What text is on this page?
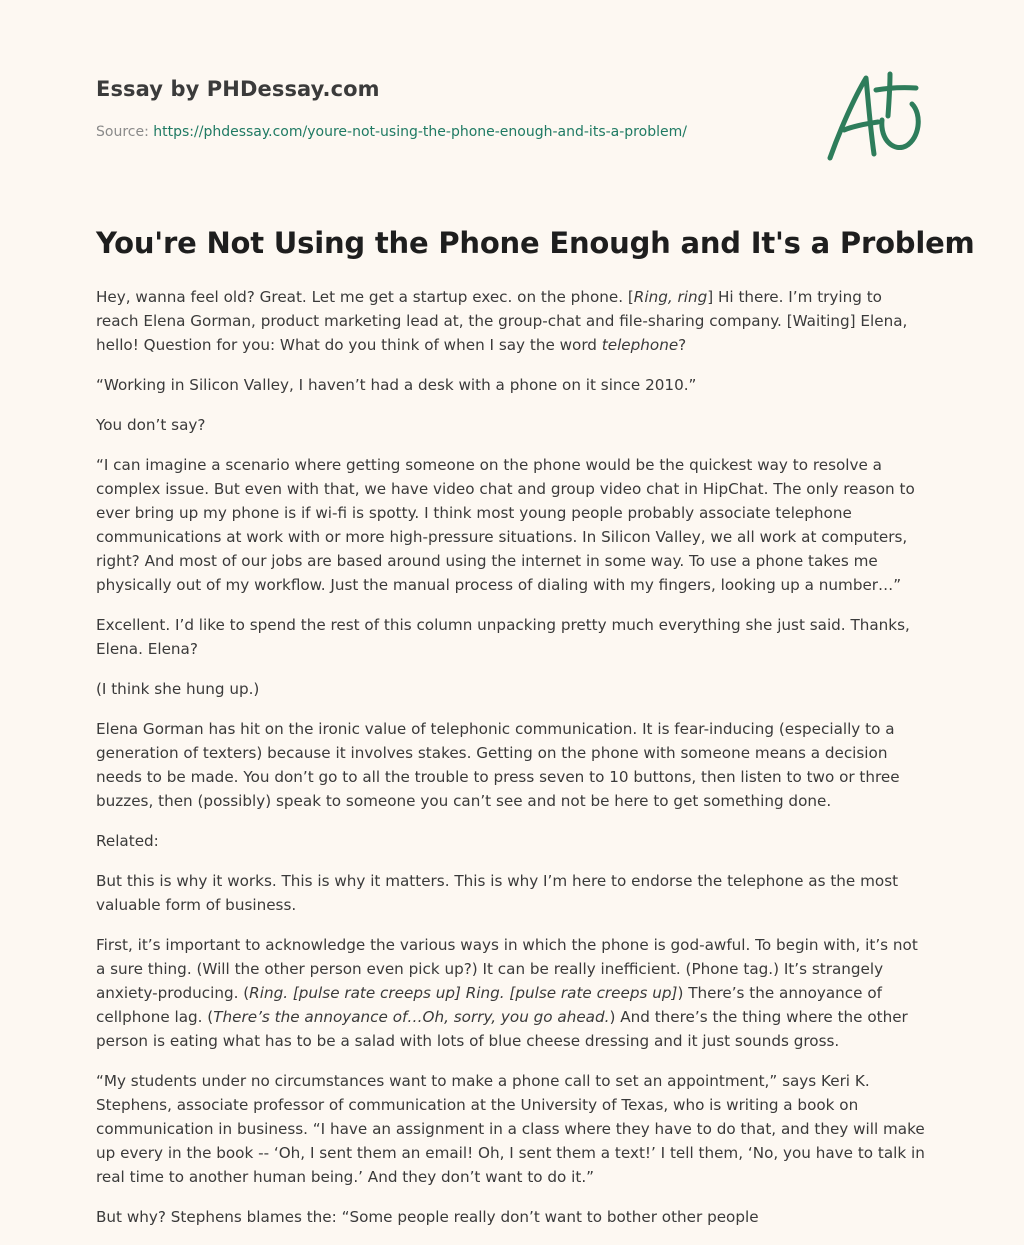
Essay by PHDessay.com
Source: https://phdessay.com/youre-not-using-the-phone-enough-and-its-a-problem/
You're Not Using the Phone Enough and It's a Problem

Hey, wanna feel old? Great. Let me get a startup exec. on the phone. [Ring, ring] Hi there. I’m trying to reach Elena Gorman, product marketing lead at, the group-chat and file-sharing company. [Waiting] Elena, hello! Question for you: What do you think of when I say the word telephone?

“Working in Silicon Valley, I haven’t had a desk with a phone on it since 2010.”

You don’t say?

“I can imagine a scenario where getting someone on the phone would be the quickest way to resolve a complex issue. But even with that, we have video chat and group video chat in HipChat. The only reason to ever bring up my phone is if wi-fi is spotty. I think most young people probably associate telephone communications at work with or more high-pressure situations. In Silicon Valley, we all work at computers, right? And most of our jobs are based around using the internet in some way. To use a phone takes me physically out of my workflow. Just the manual process of dialing with my fingers, looking up a number…”

Excellent. I’d like to spend the rest of this column unpacking pretty much everything she just said. Thanks, Elena. Elena?

(I think she hung up.)

Elena Gorman has hit on the ironic value of telephonic communication. It is fear-inducing (especially to a generation of texters) because it involves stakes. Getting on the phone with someone means a decision needs to be made. You don’t go to all the trouble to press seven to 10 buttons, then listen to two or three buzzes, then (possibly) speak to someone you can’t see and not be here to get something done.

Related:

But this is why it works. This is why it matters. This is why I’m here to endorse the telephone as the most valuable form of business.

First, it’s important to acknowledge the various ways in which the phone is god-awful. To begin with, it’s not a sure thing. (Will the other person even pick up?) It can be really inefficient. (Phone tag.) It’s strangely anxiety-producing. (Ring. [pulse rate creeps up] Ring. [pulse rate creeps up]) There’s the annoyance of cellphone lag. (There’s the annoyance of…Oh, sorry, you go ahead.) And there’s the thing where the other person is eating what has to be a salad with lots of blue cheese dressing and it just sounds gross.

“My students under no circumstances want to make a phone call to set an appointment,” says Keri K. Stephens, associate professor of communication at the University of Texas, who is writing a book on communication in business. “I have an assignment in a class where they have to do that, and they will make up every in the book -- ‘Oh, I sent them an email! Oh, I sent them a text!’ I tell them, ‘No, you have to talk in real time to another human being.’ And they don’t want to do it.”

But why? Stephens blames the: “Some people really don’t want to bother other people
